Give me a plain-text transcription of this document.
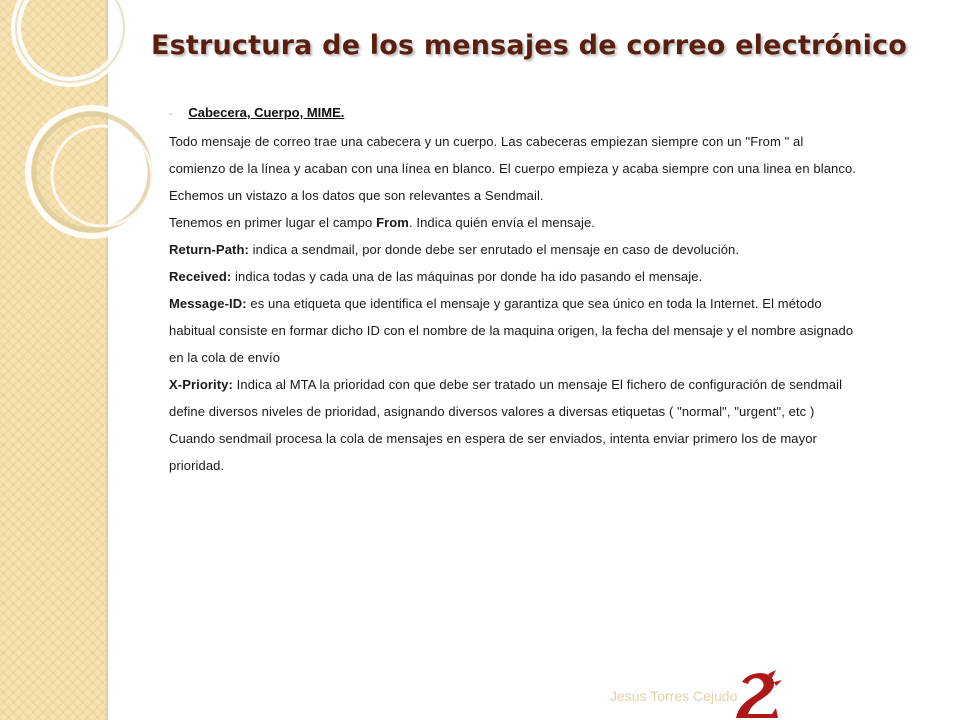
Estructura de los mensajes de correo electrónico
- Cabecera, Cuerpo, MIME.

Todo mensaje de correo trae una cabecera y un cuerpo. Las cabeceras empiezan siempre con un "From " al

comienzo de la línea y acaban con una línea en blanco. El cuerpo empieza y acaba siempre con una linea en blanco.

Echemos un vistazo a los datos que son relevantes a Sendmail.

Tenemos en primer lugar el campo From. Indica quién envía el mensaje.

Return-Path: indica a sendmail, por donde debe ser enrutado el mensaje en caso de devolución.

Received: indica todas y cada una de las máquinas por donde ha ido pasando el mensaje.

Message-ID: es una etiqueta que identifica el mensaje y garantiza que sea único en toda la Internet. El método

habitual consiste en formar dicho ID con el nombre de la maquina origen, la fecha del mensaje y el nombre asignado

en la cola de envío

X-Priority: Indica al MTA la prioridad con que debe ser tratado un mensaje El fichero de configuración de sendmail

define diversos niveles de prioridad, asignando diversos valores a diversas etiquetas ( "normal", "urgent", etc )

Cuando sendmail procesa la cola de mensajes en espera de ser enviados, intenta enviar primero los de mayor

prioridad.

Jesús Torres Cejudo
